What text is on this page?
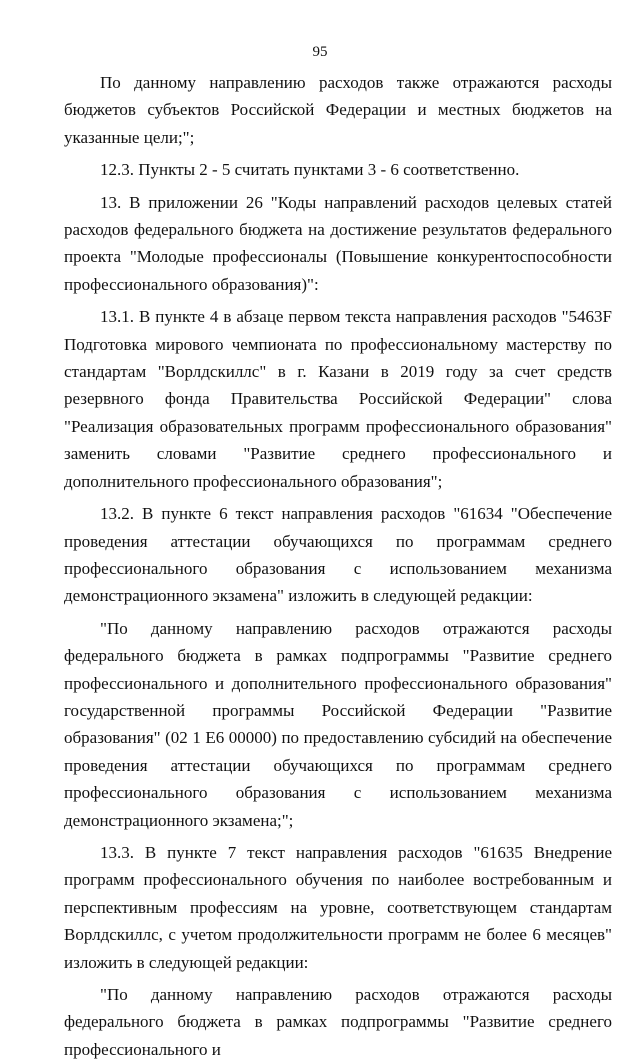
95

По данному направлению расходов также отражаются расходы бюджетов субъектов Российской Федерации и местных бюджетов на указанные цели;";

12.3. Пункты 2 - 5 считать пунктами 3 - 6 соответственно.

13. В приложении 26 "Коды направлений расходов целевых статей расходов федерального бюджета на достижение результатов федерального проекта "Молодые профессионалы (Повышение конкурентоспособности профессионального образования)":

13.1. В пункте 4 в абзаце первом текста направления расходов "5463F Подготовка мирового чемпионата по профессиональному мастерству по стандартам "Ворлдскиллс" в г. Казани в 2019 году за счет средств резервного фонда Правительства Российской Федерации" слова "Реализация образовательных программ профессионального образования" заменить словами "Развитие среднего профессионального и дополнительного профессионального образования";

13.2. В пункте 6 текст направления расходов "61634 "Обеспечение проведения аттестации обучающихся по программам среднего профессионального образования с использованием механизма демонстрационного экзамена" изложить в следующей редакции:

"По данному направлению расходов отражаются расходы федерального бюджета в рамках подпрограммы "Развитие среднего профессионального и дополнительного профессионального образования" государственной программы Российской Федерации "Развитие образования" (02 1 Е6 00000) по предоставлению субсидий на обеспечение проведения аттестации обучающихся по программам среднего профессионального образования с использованием механизма демонстрационного экзамена;";

13.3. В пункте 7 текст направления расходов "61635 Внедрение программ профессионального обучения по наиболее востребованным и перспективным профессиям на уровне, соответствующем стандартам Ворлдскиллс, с учетом продолжительности программ не более 6 месяцев" изложить в следующей редакции:

"По данному направлению расходов отражаются расходы федерального бюджета в рамках подпрограммы "Развитие среднего профессионального и
